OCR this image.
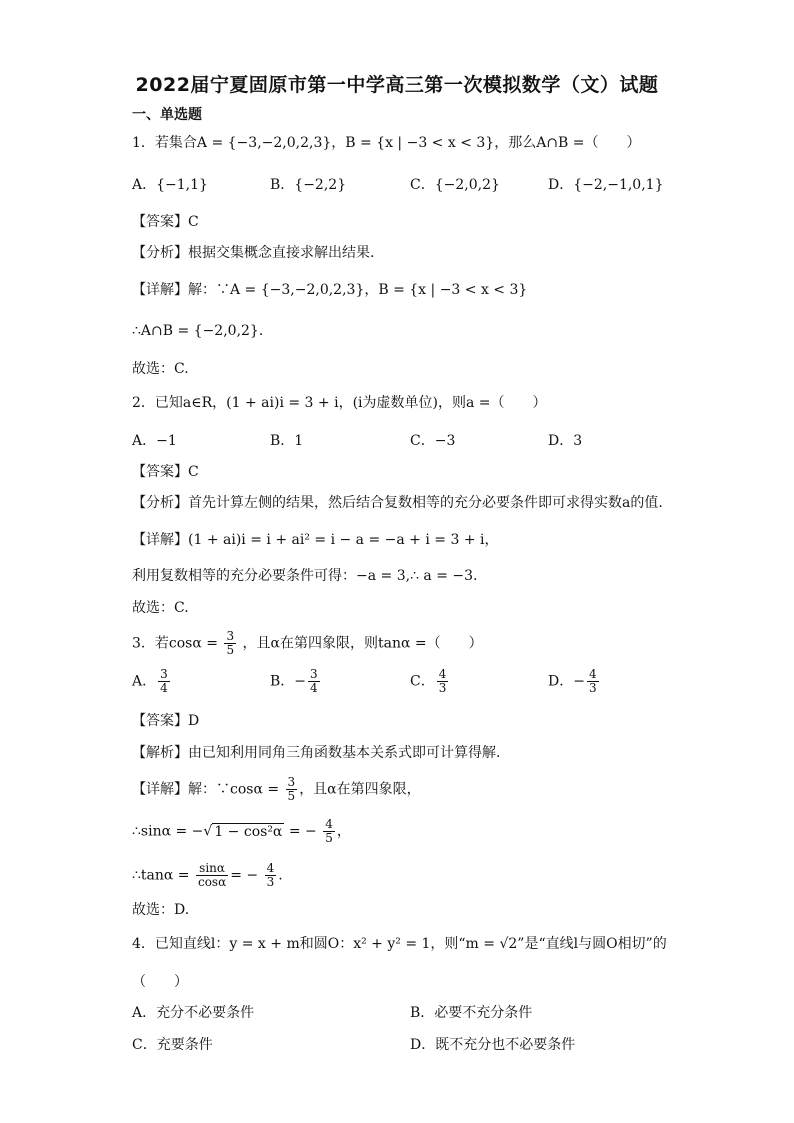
2022届宁夏固原市第一中学高三第一次模拟数学（文）试题
一、单选题
1．若集合A = {−3,−2,0,2,3}，B = {x | −3 < x < 3}，那么A∩B =（　　）
A．{−1,1}	B．{−2,2}	C．{−2,0,2}	D．{−2,−1,0,1}
【答案】C
【分析】根据交集概念直接求解出结果.
【详解】解：∵A = {−3,−2,0,2,3}，B = {x | −3 < x < 3}
∴A∩B = {−2,0,2}.
故选：C.
2．已知a∈R，(1 + ai)i = 3 + i，(i为虚数单位)，则a =（　　）
A．−1	B．1	C．−3	D．3
【答案】C
【分析】首先计算左侧的结果，然后结合复数相等的充分必要条件即可求得实数a的值.
【详解】(1 + ai)i = i + ai² = i − a = −a + i = 3 + i，
利用复数相等的充分必要条件可得：−a = 3,∴ a = −3.
故选：C.
3．若$\cos\alpha = \frac{3}{5}$ ，且α在第四象限，则tanα =（　　）
A． $\frac{3}{4}$	B．− $\frac{3}{4}$	C． $\frac{4}{3}$	D．− $\frac{4}{3}$
【答案】D
【解析】由已知利用同角三角函数基本关系式即可计算得解.
【详解】解：∵cosα = $\frac{3}{5}$ ，且α在第四象限，
∴sinα = −√ 1 − cos²α = − $\frac{4}{5}$ ，
∴tanα = $\frac{\sin\alpha}{\cos\alpha}$ = − $\frac{4}{3}$ .
故选：D.
4．已知直线l：y = x + m和圆O：x² + y² = 1，则“m = √2”是“直线l与圆O相切”的
（　　）
A．充分不必要条件	B．必要不充分条件
C．充要条件	D．既不充分也不必要条件
